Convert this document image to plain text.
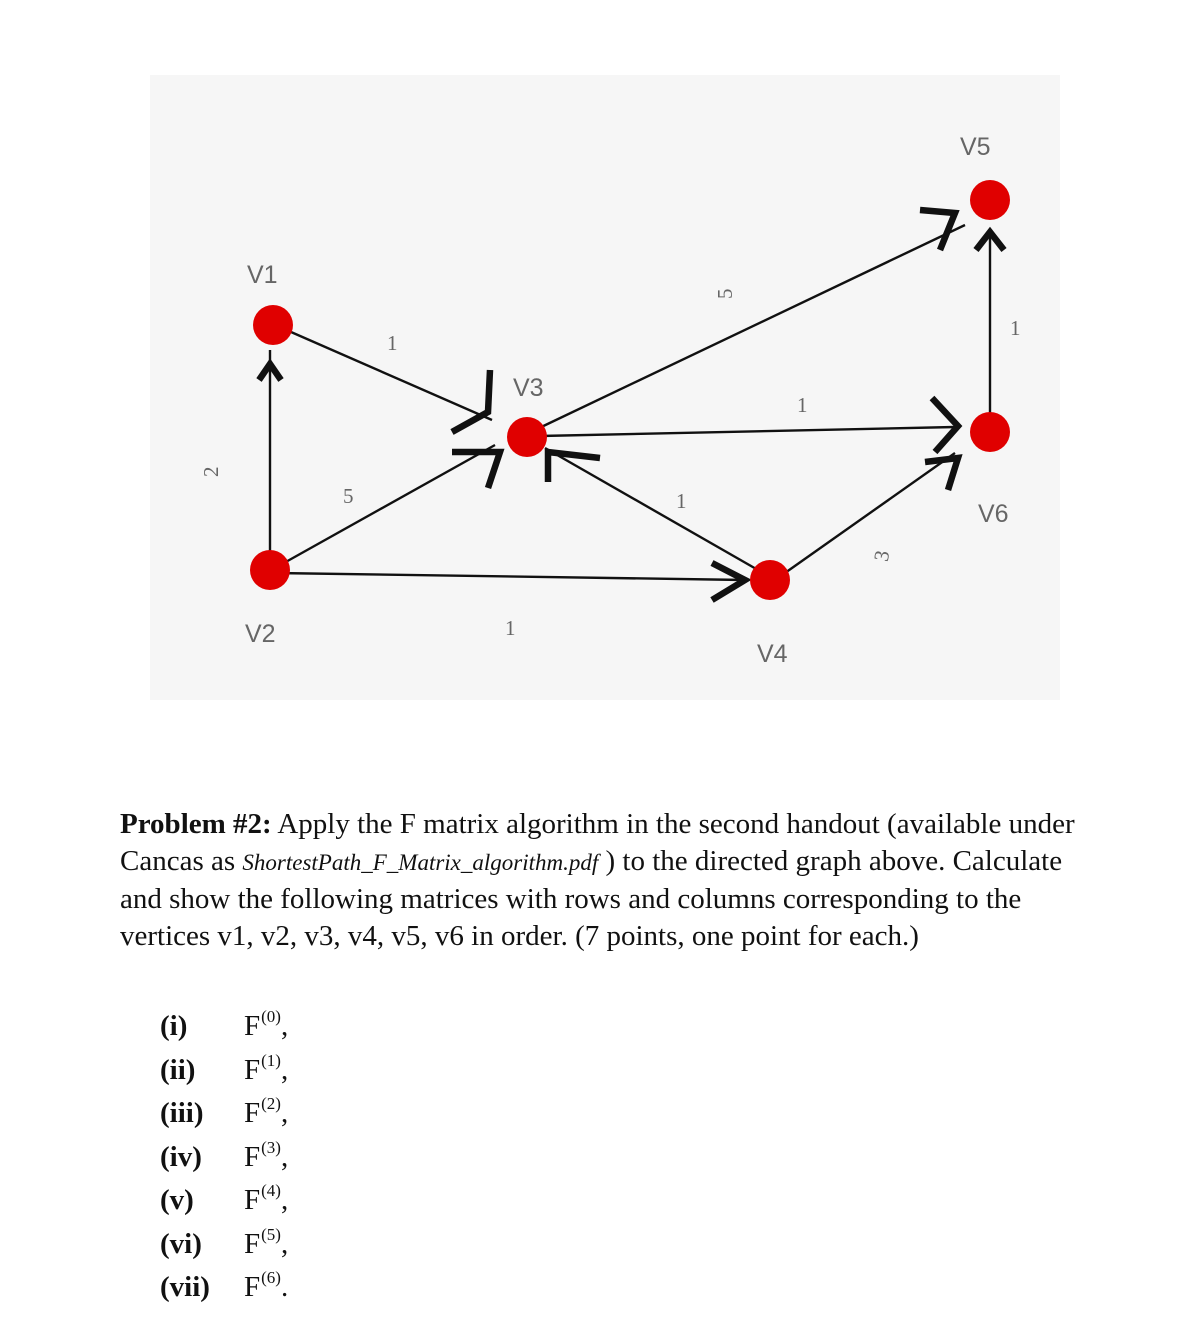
V1
V2
V3
V4
V5
V6
2
1
5
1
1
5
1
3
1

Problem #2: Apply the F matrix algorithm in the second handout (available under Cancas as ShortestPath_F_Matrix_algorithm.pdf ) to the directed graph above. Calculate and show the following matrices with rows and columns corresponding to the vertices v1, v2, v3, v4, v5, v6 in order. (7 points, one point for each.)

(i)	$F^{(0)}$,
(ii)	$F^{(1)}$,
(iii)	$F^{(2)}$,
(iv)	$F^{(3)}$,
(v)	$F^{(4)}$,
(vi)	$F^{(5)}$,
(vii)	$F^{(6)}$.
